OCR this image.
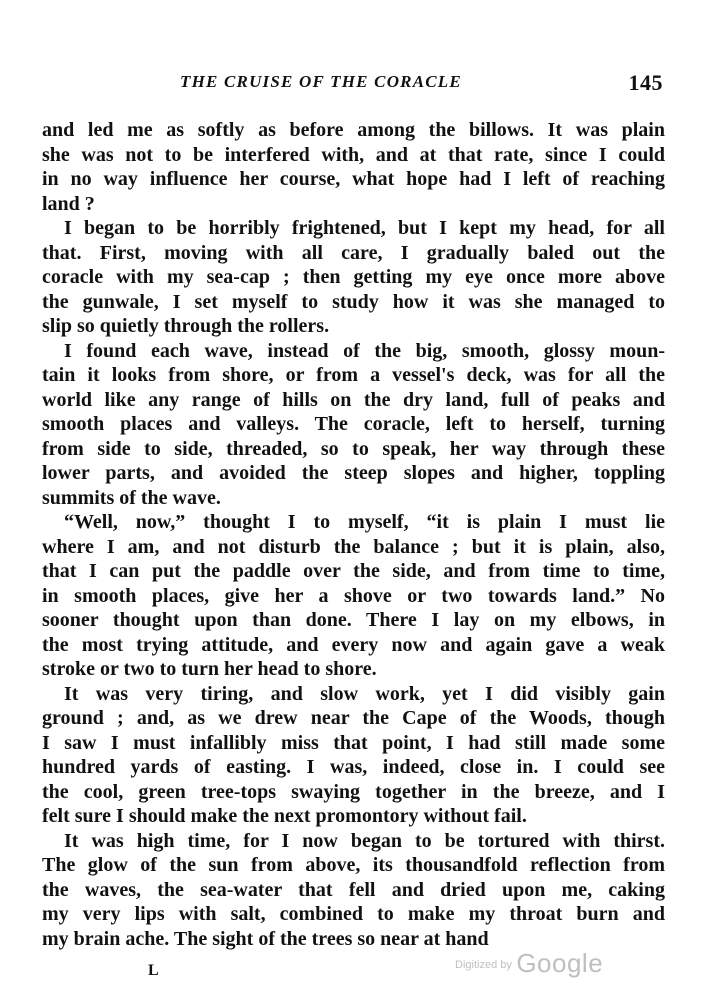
THE CRUISE OF THE CORACLE	145
and led me as softly as before among the billows. It was plain
she was not to be interfered with, and at that rate, since I could
in no way influence her course, what hope had I left of reaching
land ?
I began to be horribly frightened, but I kept my head, for all
that. First, moving with all care, I gradually baled out the
coracle with my sea-cap ; then getting my eye once more above
the gunwale, I set myself to study how it was she managed to
slip so quietly through the rollers.
I found each wave, instead of the big, smooth, glossy moun-
tain it looks from shore, or from a vessel's deck, was for all the
world like any range of hills on the dry land, full of peaks and
smooth places and valleys. The coracle, left to herself, turning
from side to side, threaded, so to speak, her way through these
lower parts, and avoided the steep slopes and higher, toppling
summits of the wave.
“Well, now,” thought I to myself, “it is plain I must lie
where I am, and not disturb the balance ; but it is plain, also,
that I can put the paddle over the side, and from time to time,
in smooth places, give her a shove or two towards land.” No
sooner thought upon than done. There I lay on my elbows, in
the most trying attitude, and every now and again gave a weak
stroke or two to turn her head to shore.
It was very tiring, and slow work, yet I did visibly gain
ground ; and, as we drew near the Cape of the Woods, though
I saw I must infallibly miss that point, I had still made some
hundred yards of easting. I was, indeed, close in. I could see
the cool, green tree-tops swaying together in the breeze, and I
felt sure I should make the next promontory without fail.
It was high time, for I now began to be tortured with thirst.
The glow of the sun from above, its thousandfold reflection from
the waves, the sea-water that fell and dried upon me, caking
my very lips with salt, combined to make my throat burn and
my brain ache. The sight of the trees so near at hand
L	$^{Digitized by}$ Google
